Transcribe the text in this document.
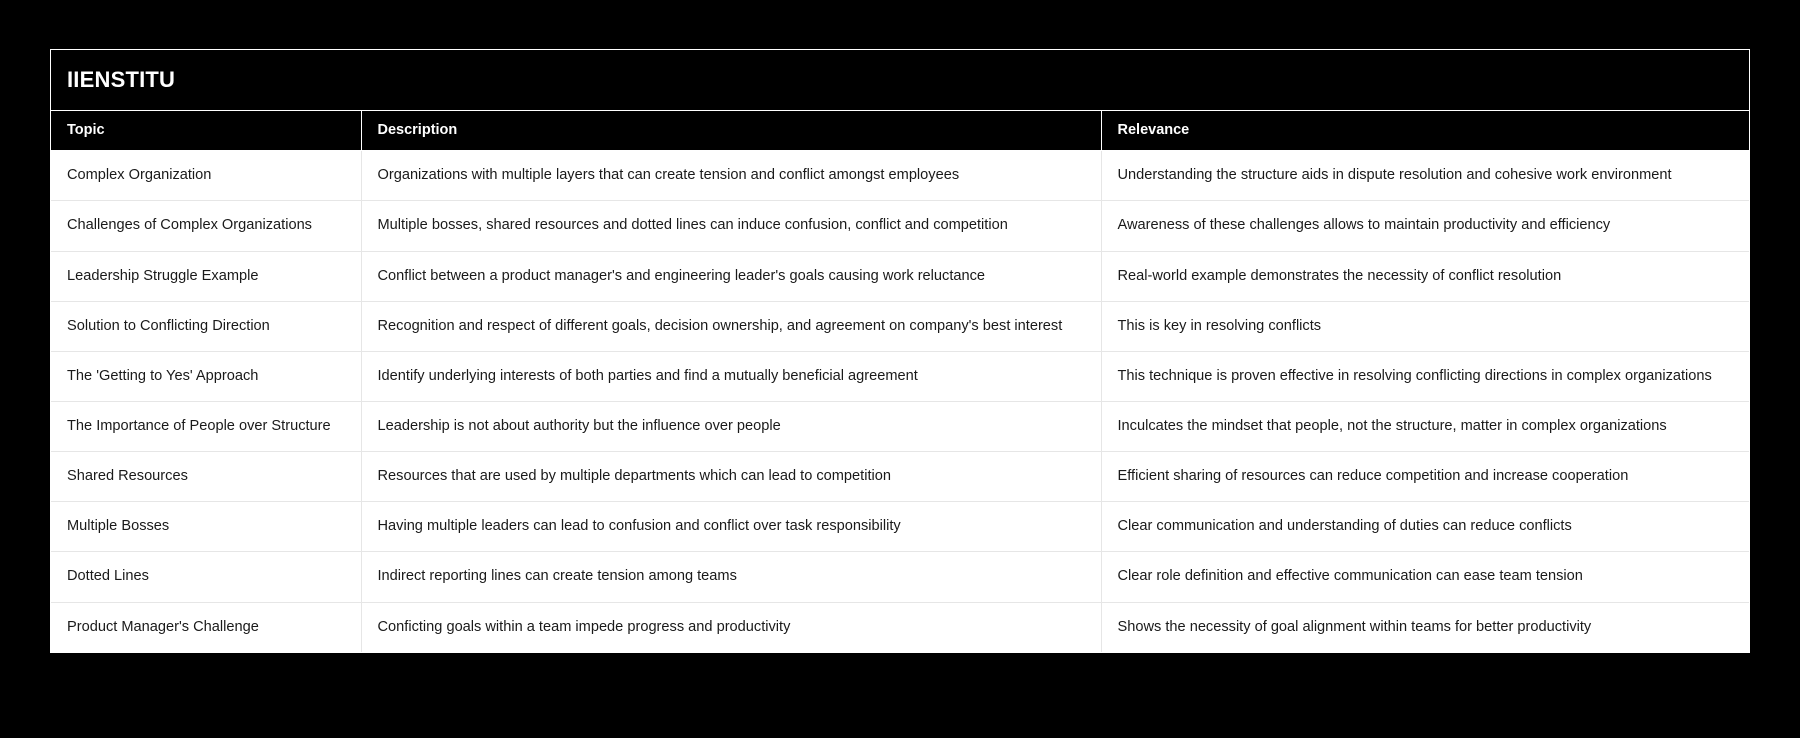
IIENSTITU
Topic	Description	Relevance
Complex Organization	Organizations with multiple layers that can create tension and conflict amongst employees	Understanding the structure aids in dispute resolution and cohesive work environment
Challenges of Complex Organizations	Multiple bosses, shared resources and dotted lines can induce confusion, conflict and competition	Awareness of these challenges allows to maintain productivity and efficiency
Leadership Struggle Example	Conflict between a product manager's and engineering leader's goals causing work reluctance	Real-world example demonstrates the necessity of conflict resolution
Solution to Conflicting Direction	Recognition and respect of different goals, decision ownership, and agreement on company's best interest	This is key in resolving conflicts
The 'Getting to Yes' Approach	Identify underlying interests of both parties and find a mutually beneficial agreement	This technique is proven effective in resolving conflicting directions in complex organizations
The Importance of People over Structure	Leadership is not about authority but the influence over people	Inculcates the mindset that people, not the structure, matter in complex organizations
Shared Resources	Resources that are used by multiple departments which can lead to competition	Efficient sharing of resources can reduce competition and increase cooperation
Multiple Bosses	Having multiple leaders can lead to confusion and conflict over task responsibility	Clear communication and understanding of duties can reduce conflicts
Dotted Lines	Indirect reporting lines can create tension among teams	Clear role definition and effective communication can ease team tension
Product Manager's Challenge	Conficting goals within a team impede progress and productivity	Shows the necessity of goal alignment within teams for better productivity
